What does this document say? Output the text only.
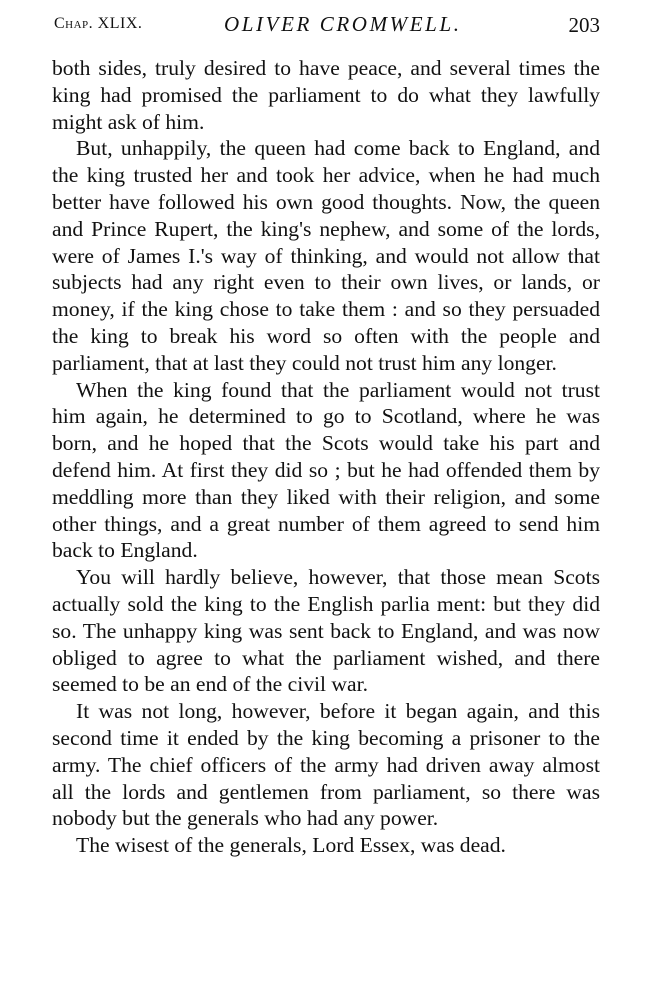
Chap. XLIX.	OLIVER CROMWELL.	203

both sides, truly desired to have peace, and several times the king had promised the parliament to do what they lawfully might ask of him.

But, unhappily, the queen had come back to England, and the king trusted her and took her advice, when he had much better have followed his own good thoughts. Now, the queen and Prince Rupert, the king's nephew, and some of the lords, were of James I.'s way of thinking, and would not allow that subjects had any right even to their own lives, or lands, or money, if the king chose to take them : and so they persuaded the king to break his word so often with the people and parliament, that at last they could not trust him any longer.

When the king found that the parliament would not trust him again, he determined to go to Scotland, where he was born, and he hoped that the Scots would take his part and defend him. At first they did so ; but he had offended them by meddling more than they liked with their religion, and some other things, and a great number of them agreed to send him back to England.

You will hardly believe, however, that those mean Scots actually sold the king to the English parlia ment: but they did so. The unhappy king was sent back to England, and was now obliged to agree to what the parliament wished, and there seemed to be an end of the civil war.

It was not long, however, before it began again, and this second time it ended by the king becoming a prisoner to the army. The chief officers of the army had driven away almost all the lords and gentlemen from parliament, so there was nobody but the generals who had any power.

The wisest of the generals, Lord Essex, was dead.
